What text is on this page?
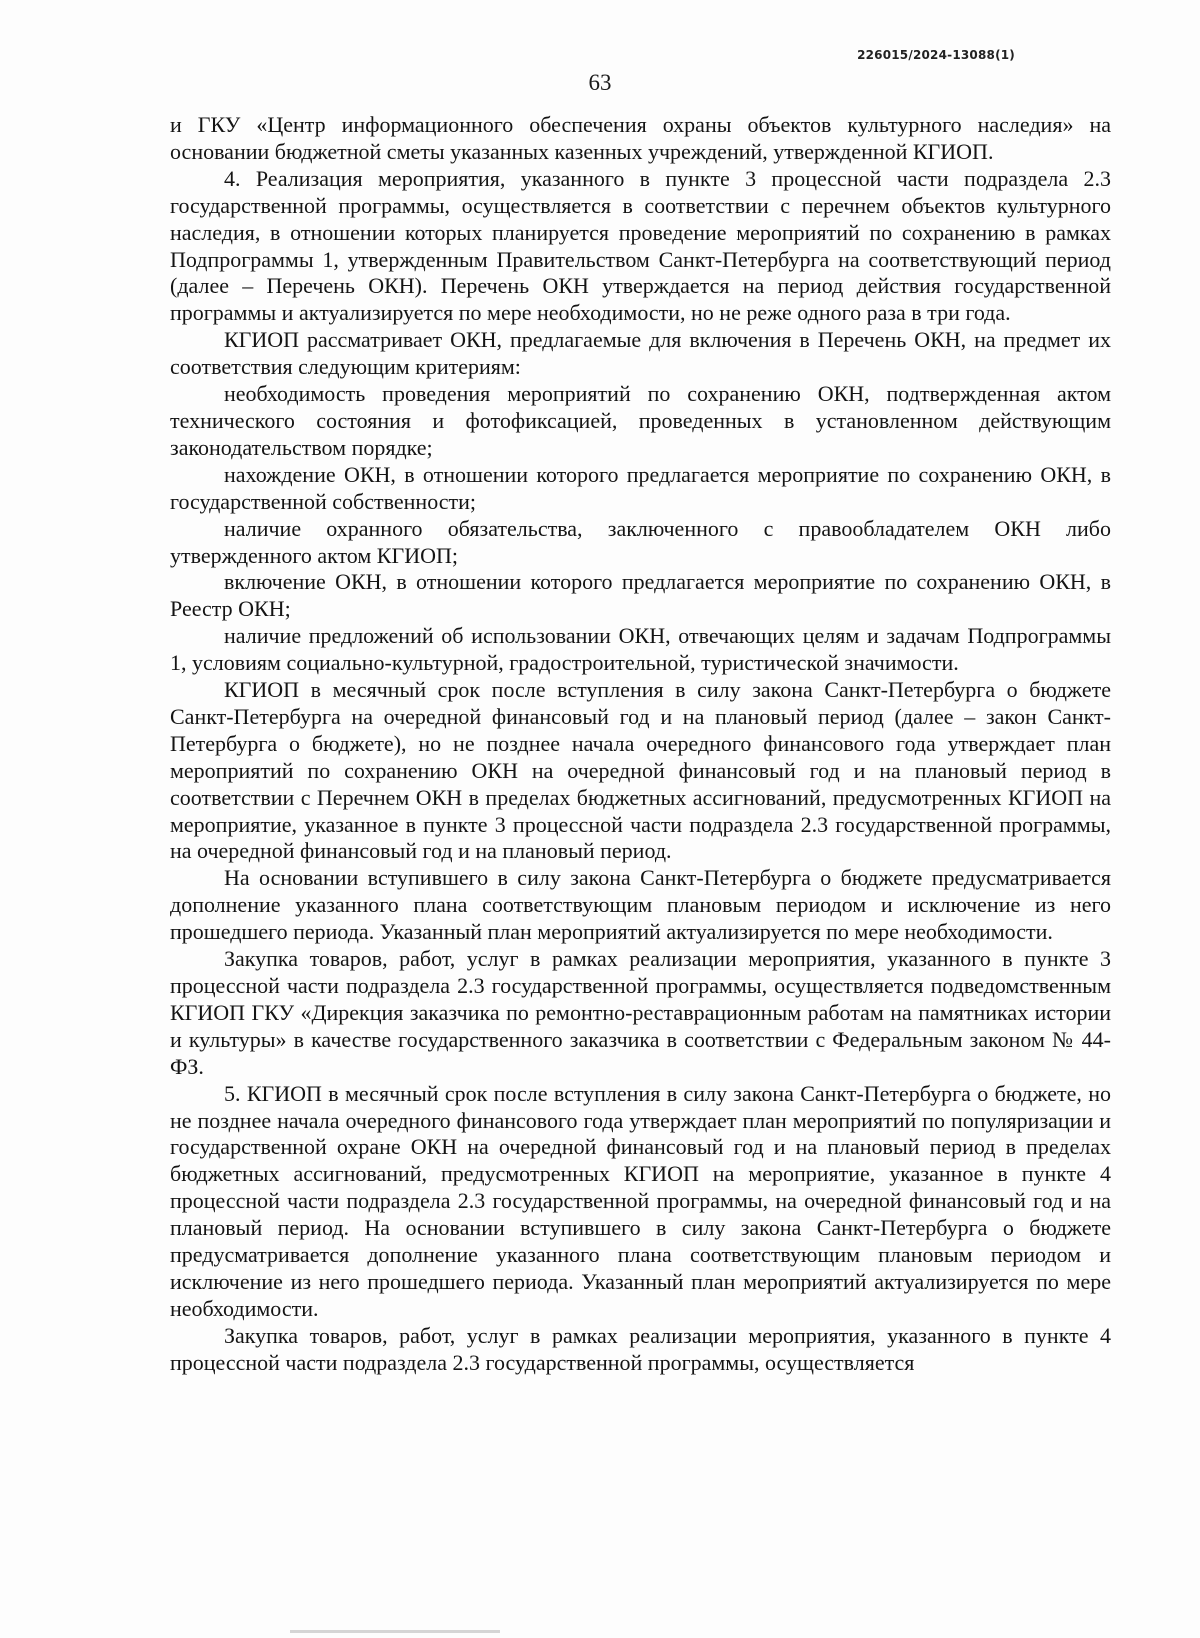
226015/2024-13088(1)
63

и ГКУ «Центр информационного обеспечения охраны объектов культурного наследия» на основании бюджетной сметы указанных казенных учреждений, утвержденной КГИОП.

4. Реализация мероприятия, указанного в пункте 3 процессной части подраздела 2.3 государственной программы, осуществляется в соответствии с перечнем объектов культурного наследия, в отношении которых планируется проведение мероприятий по сохранению в рамках Подпрограммы 1, утвержденным Правительством Санкт-Петербурга на соответствующий период (далее – Перечень ОКН). Перечень ОКН утверждается на период действия государственной программы и актуализируется по мере необходимости, но не реже одного раза в три года.

КГИОП рассматривает ОКН, предлагаемые для включения в Перечень ОКН, на предмет их соответствия следующим критериям:

необходимость проведения мероприятий по сохранению ОКН, подтвержденная актом технического состояния и фотофиксацией, проведенных в установленном действующим законодательством порядке;

нахождение ОКН, в отношении которого предлагается мероприятие по сохранению ОКН, в государственной собственности;

наличие охранного обязательства, заключенного с правообладателем ОКН либо утвержденного актом КГИОП;

включение ОКН, в отношении которого предлагается мероприятие по сохранению ОКН, в Реестр ОКН;

наличие предложений об использовании ОКН, отвечающих целям и задачам Подпрограммы 1, условиям социально-культурной, градостроительной, туристической значимости.

КГИОП в месячный срок после вступления в силу закона Санкт-Петербурга о бюджете Санкт-Петербурга на очередной финансовый год и на плановый период (далее – закон Санкт-Петербурга о бюджете), но не позднее начала очередного финансового года утверждает план мероприятий по сохранению ОКН на очередной финансовый год и на плановый период в соответствии с Перечнем ОКН в пределах бюджетных ассигнований, предусмотренных КГИОП на мероприятие, указанное в пункте 3 процессной части подраздела 2.3 государственной программы, на очередной финансовый год и на плановый период.

На основании вступившего в силу закона Санкт-Петербурга о бюджете предусматривается дополнение указанного плана соответствующим плановым периодом и исключение из него прошедшего периода. Указанный план мероприятий актуализируется по мере необходимости.

Закупка товаров, работ, услуг в рамках реализации мероприятия, указанного в пункте 3 процессной части подраздела 2.3 государственной программы, осуществляется подведомственным КГИОП ГКУ «Дирекция заказчика по ремонтно-реставрационным работам на памятниках истории и культуры» в качестве государственного заказчика в соответствии с Федеральным законом № 44-ФЗ.

5. КГИОП в месячный срок после вступления в силу закона Санкт-Петербурга о бюджете, но не позднее начала очередного финансового года утверждает план мероприятий по популяризации и государственной охране ОКН на очередной финансовый год и на плановый период в пределах бюджетных ассигнований, предусмотренных КГИОП на мероприятие, указанное в пункте 4 процессной части подраздела 2.3 государственной программы, на очередной финансовый год и на плановый период. На основании вступившего в силу закона Санкт-Петербурга о бюджете предусматривается дополнение указанного плана соответствующим плановым периодом и исключение из него прошедшего периода. Указанный план мероприятий актуализируется по мере необходимости.

Закупка товаров, работ, услуг в рамках реализации мероприятия, указанного в пункте 4 процессной части подраздела 2.3 государственной программы, осуществляется
